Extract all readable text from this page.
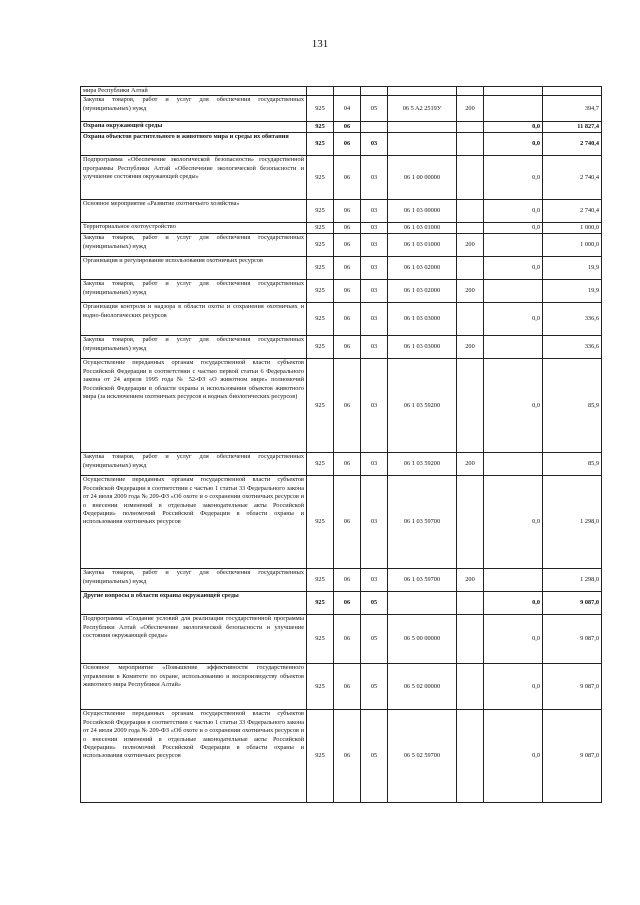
131
мира Республики Алтай							
Закупка товаров, работ и услуг для обеспечения государственных (муниципальных) нужд	925	04	05	06 5 A2 2519У	200		394,7
Охрана окружающей среды	925	06				0,0	11 827,4
Охрана объектов растительного и животного мира и среды их обитания	925	06	03			0,0	2 740,4
Подпрограмма «Обеспечение экологической безопасности» государственной программы Республики Алтай «Обеспечение экологической безопасности и улучшение состояния окружающей среды»	925	06	03	06 1 00 00000		0,0	2 740,4
Основное мероприятие «Развитие охотничьего хозяйства»	925	06	03	06 1 03 00000		0,0	2 740,4
Территориальное охотоустройство	925	06	03	06 1 03 01000		0,0	1 000,0
Закупка товаров, работ и услуг для обеспечения государственных (муниципальных) нужд	925	06	03	06 1 03 01000	200		1 000,0
Организация и регулирование использования охотничьих ресурсов	925	06	03	06 1 03 02000		0,0	19,9
Закупка товаров, работ и услуг для обеспечения государственных (муниципальных) нужд	925	06	03	06 1 03 02000	200		19,9
Организация контроля и надзора в области охоты и сохранения охотничьих и водно-биологических ресурсов	925	06	03	06 1 03 03000		0,0	336,6
Закупка товаров, работ и услуг для обеспечения государственных (муниципальных) нужд	925	06	03	06 1 03 03000	200		336,6
Осуществление переданных органам государственной власти субъектов Российской Федерации в соответствии с частью первой статьи 6 Федерального закона от 24 апреля 1995 года № 52-ФЗ «О животном мире» полномочий Российской Федерации в области охраны и использования объектов животного мира (за исключением охотничьих ресурсов и водных биологических ресурсов)	925	06	03	06 1 03 59200		0,0	85,9
Закупка товаров, работ и услуг для обеспечения государственных (муниципальных) нужд	925	06	03	06 1 03 59200	200		85,9
Осуществление переданных органам государственной власти субъектов Российской Федерации в соответствии с частью 1 статьи 33 Федерального закона от 24 июля 2009 года № 209-ФЗ «Об охоте и о сохранении охотничьих ресурсов и о внесении изменений в отдельные законодательные акты Российской Федерации» полномочий Российской Федерации в области охраны и использования охотничьих ресурсов	925	06	03	06 1 03 59700		0,0	1 298,0
Закупка товаров, работ и услуг для обеспечения государственных (муниципальных) нужд	925	06	03	06 1 03 59700	200		1 298,0
Другие вопросы в области охраны окружающей среды	925	06	05			0,0	9 087,0
Подпрограмма «Создание условий для реализации государственной программы Республики Алтай «Обеспечение экологической безопасности и улучшение состояния окружающей среды»	925	06	05	06 5 00 00000		0,0	9 087,0
Основное мероприятие «Повышение эффективности государственного управления в Комитете по охране, использованию и воспроизводству объектов животного мира Республики Алтай»	925	06	05	06 5 02 00000		0,0	9 087,0
Осуществление переданных органам государственной власти субъектов Российской Федерации в соответствии с частью 1 статьи 33 Федерального закона от 24 июля 2009 года № 209-ФЗ «Об охоте и о сохранении охотничьих ресурсов и о внесении изменений в отдельные законодательные акты Российской Федерации» полномочий Российской Федерации в области охраны и использования охотничьих ресурсов	925	06	05	06 5 02 59700		0,0	9 087,0
